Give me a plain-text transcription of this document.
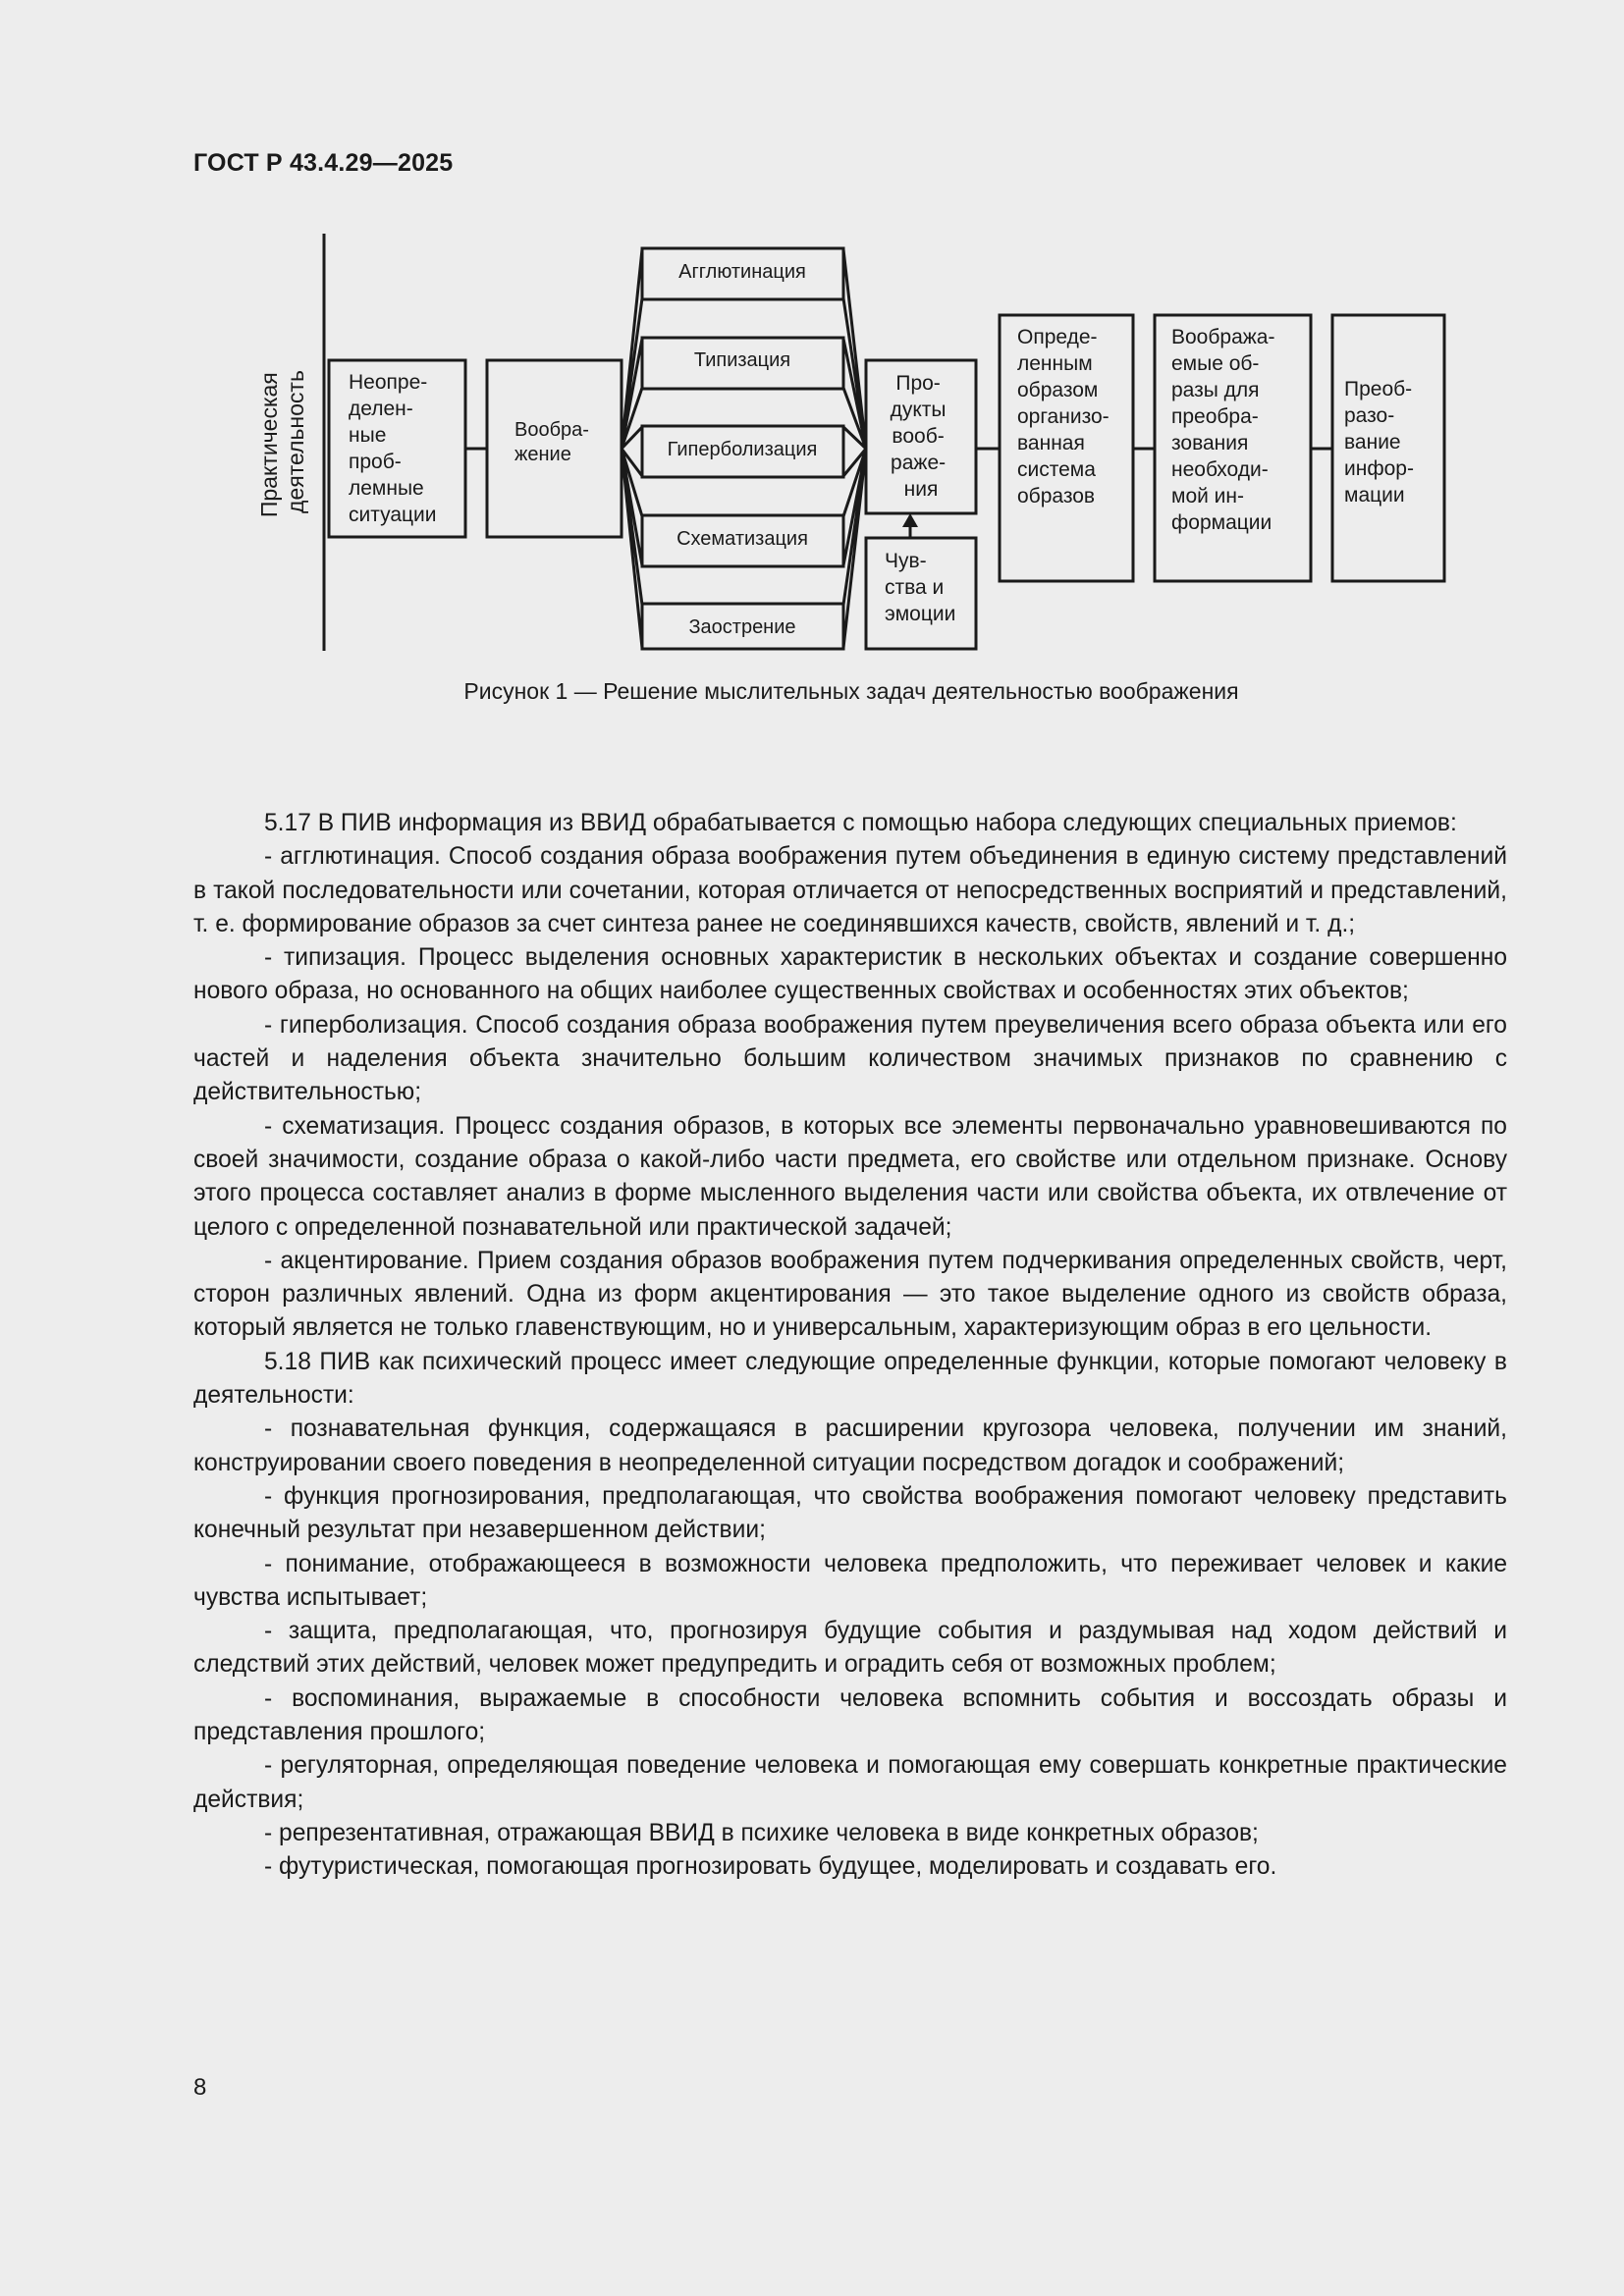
ГОСТ Р 43.4.29—2025
Практическая деятельность Неопре- делен- ные проб- лемные ситуации
Вообра- жение
Агглютинация
Типизация
Гиперболизация
Схематизация
Заострение
Про- дукты вооб- раже- ния
Чув- ства и эмоции
Опреде- ленным образом организо- ванная система образов
Вообража- емые об- разы для преобра- зования необходи- мой ин- формации
Преоб- разо- вание инфор- мации
Рисунок 1 — Решение мыслительных задач деятельностью воображения

5.17 В ПИВ информация из ВВИД обрабатывается с помощью набора следующих специальных приемов:

- агглютинация. Способ создания образа воображения путем объединения в единую систему представлений в такой последовательности или сочетании, которая отличается от непосредственных восприятий и представлений, т. е. формирование образов за счет синтеза ранее не соединявшихся качеств, свойств, явлений и т. д.;

- типизация. Процесс выделения основных характеристик в нескольких объектах и создание совершенно нового образа, но основанного на общих наиболее существенных свойствах и особенностях этих объектов;

- гиперболизация. Способ создания образа воображения путем преувеличения всего образа объекта или его частей и наделения объекта значительно большим количеством значимых признаков по сравнению с действительностью;

- схематизация. Процесс создания образов, в которых все элементы первоначально уравновешиваются по своей значимости, создание образа о какой-либо части предмета, его свойстве или отдельном признаке. Основу этого процесса составляет анализ в форме мысленного выделения части или свойства объекта, их отвлечение от целого с определенной познавательной или практической задачей;

- акцентирование. Прием создания образов воображения путем подчеркивания определенных свойств, черт, сторон различных явлений. Одна из форм акцентирования — это такое выделение одного из свойств образа, который является не только главенствующим, но и универсальным, характеризующим образ в его цельности.

5.18 ПИВ как психический процесс имеет следующие определенные функции, которые помогают человеку в деятельности:

- познавательная функция, содержащаяся в расширении кругозора человека, получении им знаний, конструировании своего поведения в неопределенной ситуации посредством догадок и соображений;

- функция прогнозирования, предполагающая, что свойства воображения помогают человеку представить конечный результат при незавершенном действии;

- понимание, отображающееся в возможности человека предположить, что переживает человек и какие чувства испытывает;

- защита, предполагающая, что, прогнозируя будущие события и раздумывая над ходом действий и следствий этих действий, человек может предупредить и оградить себя от возможных проблем;

- воспоминания, выражаемые в способности человека вспомнить события и воссоздать образы и представления прошлого;

- регуляторная, определяющая поведение человека и помогающая ему совершать конкретные практические действия;

- репрезентативная, отражающая ВВИД в психике человека в виде конкретных образов;

- футуристическая, помогающая прогнозировать будущее, моделировать и создавать его.

8
